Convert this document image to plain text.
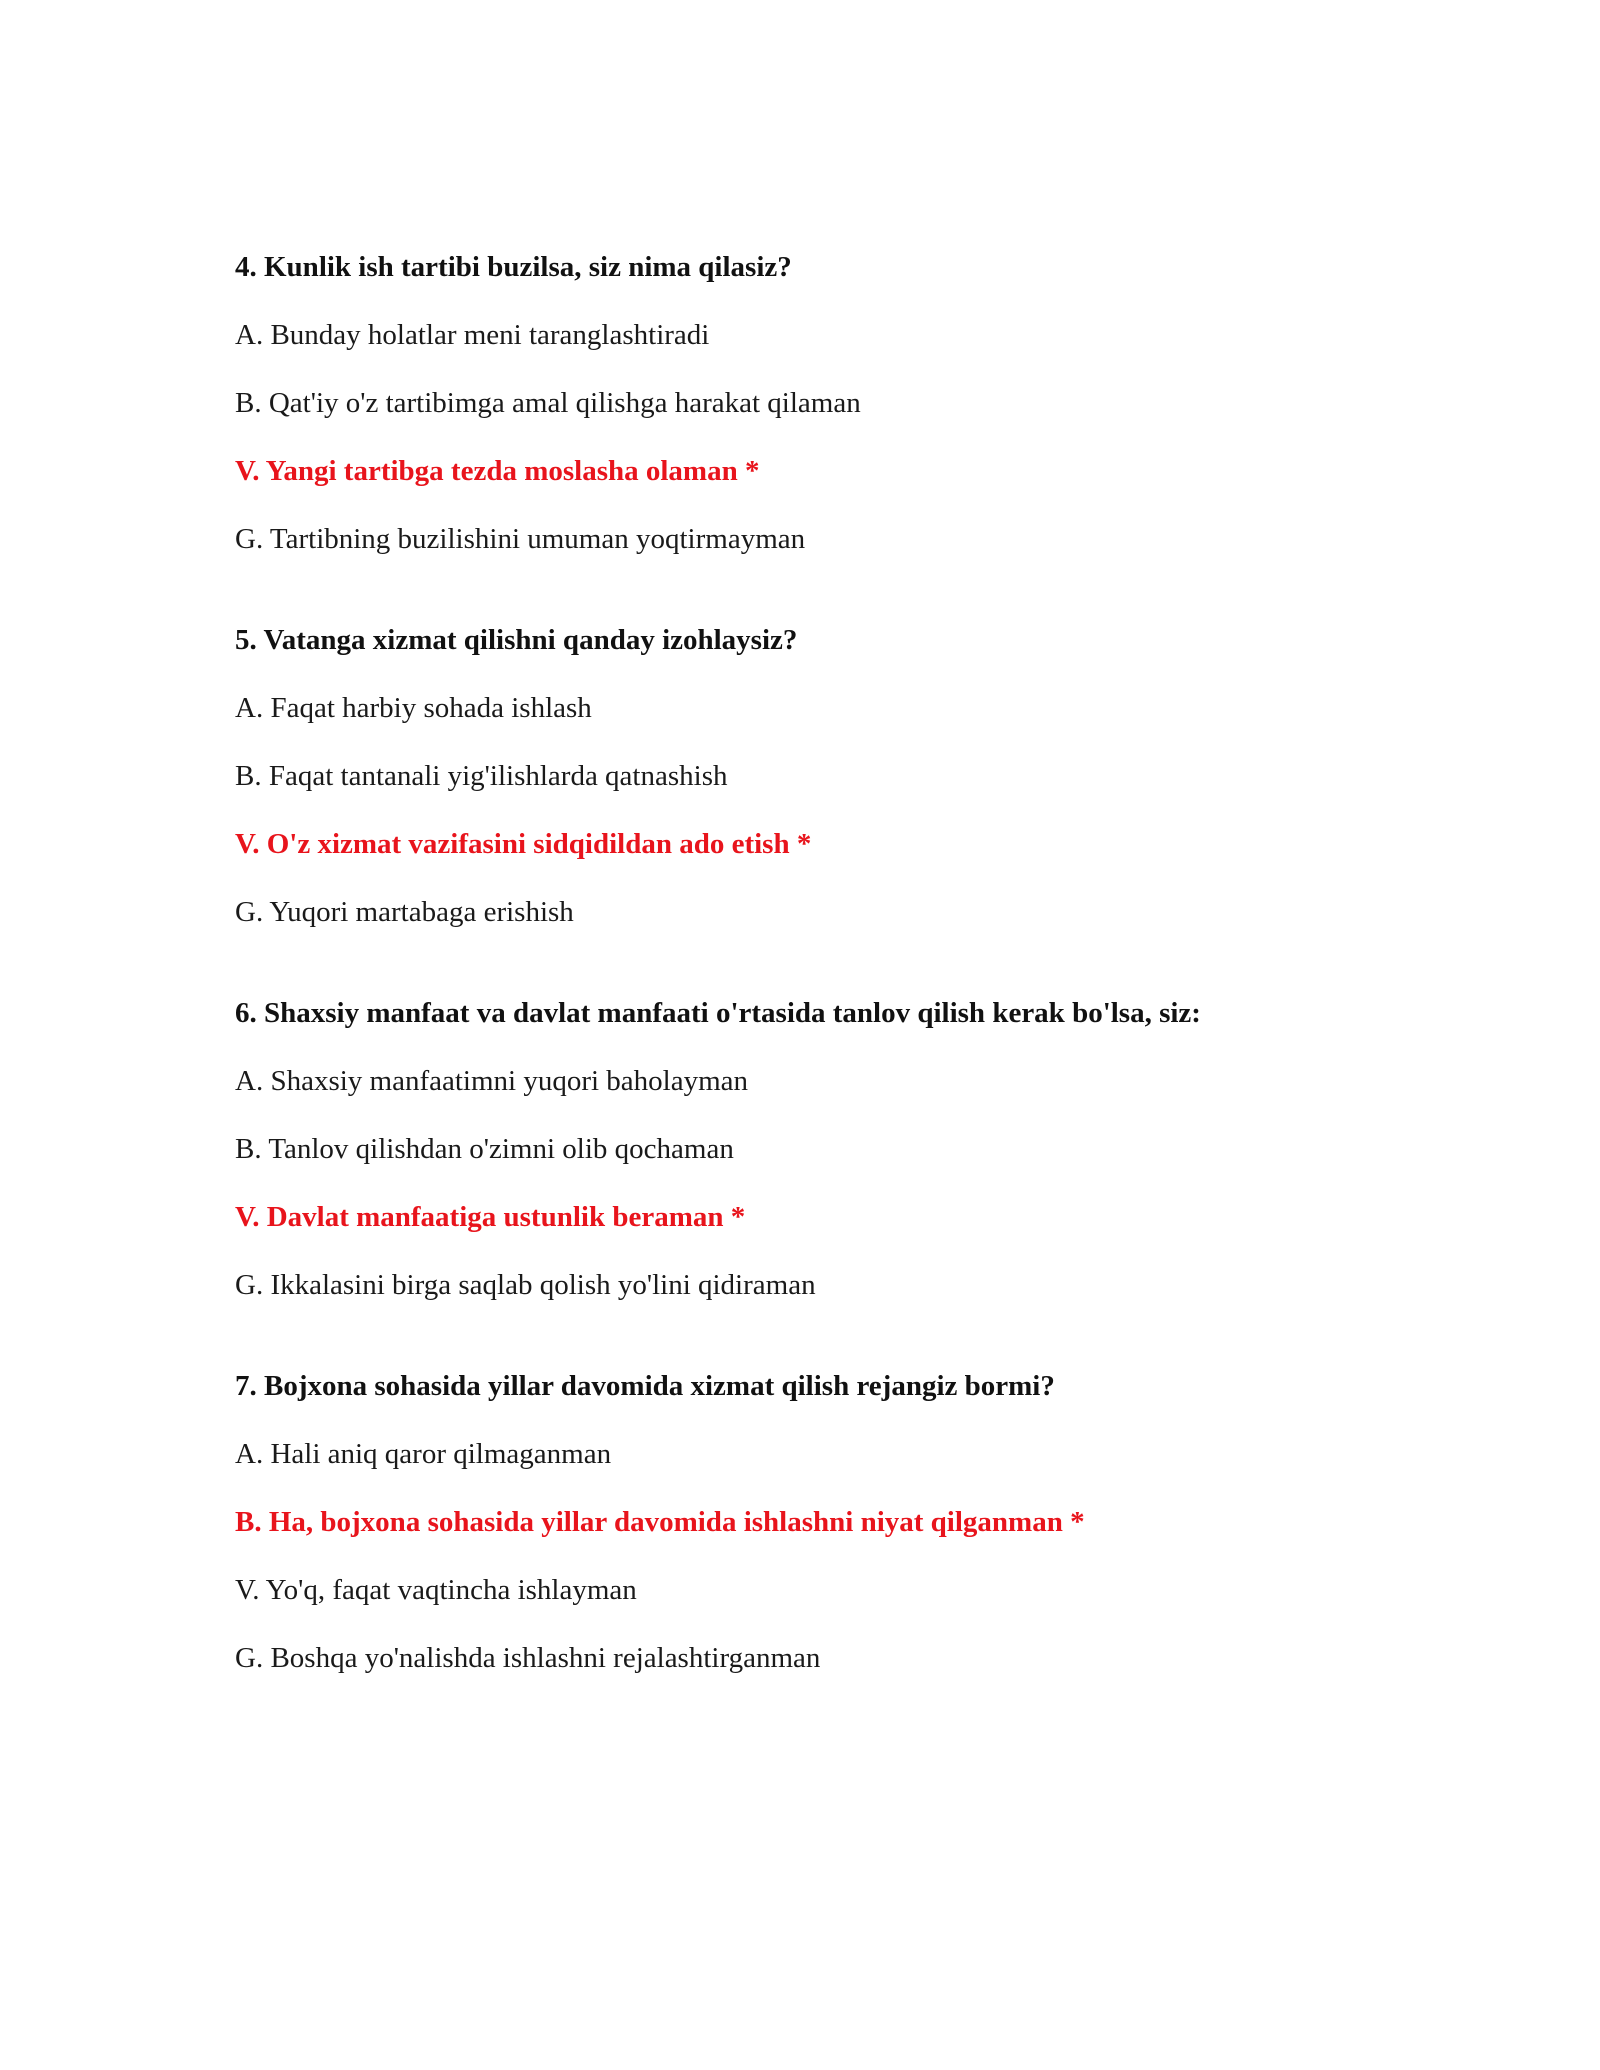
4. Kunlik ish tartibi buzilsa, siz nima qilasiz?
A. Bunday holatlar meni taranglashtiradi
B. Qat'iy o'z tartibimga amal qilishga harakat qilaman
V. Yangi tartibga tezda moslasha olaman *
G. Tartibning buzilishini umuman yoqtirmayman
5. Vatanga xizmat qilishni qanday izohlaysiz?
A. Faqat harbiy sohada ishlash
B. Faqat tantanali yig'ilishlarda qatnashish
V. O'z xizmat vazifasini sidqidildan ado etish *
G. Yuqori martabaga erishish
6. Shaxsiy manfaat va davlat manfaati o'rtasida tanlov qilish kerak bo'lsa, siz:
A. Shaxsiy manfaatimni yuqori baholayman
B. Tanlov qilishdan o'zimni olib qochaman
V. Davlat manfaatiga ustunlik beraman *
G. Ikkalasini birga saqlab qolish yo'lini qidiraman
7. Bojxona sohasida yillar davomida xizmat qilish rejangiz bormi?
A. Hali aniq qaror qilmaganman
B. Ha, bojxona sohasida yillar davomida ishlashni niyat qilganman *
V. Yo'q, faqat vaqtincha ishlayman
G. Boshqa yo'nalishda ishlashni rejalashtirganman
